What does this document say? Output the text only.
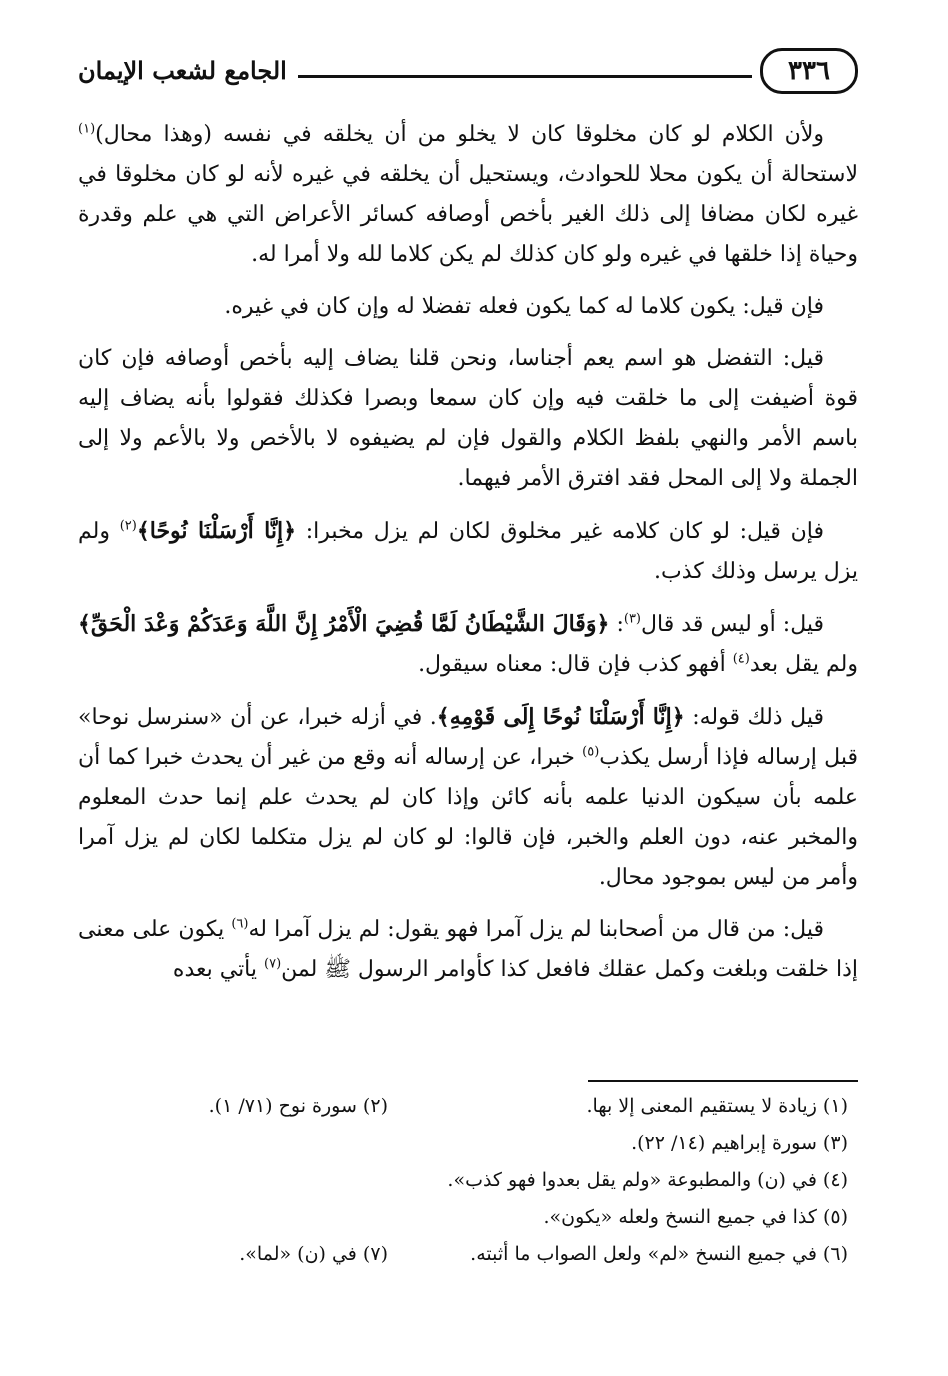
٣٣٦
الجامع لشعب الإيمان

ولأن الكلام لو كان مخلوقا كان لا يخلو من أن يخلقه في نفسه (وهذا محال)$^{(١)}$ لاستحالة أن يكون محلا للحوادث، ويستحيل أن يخلقه في غيره لأنه لو كان مخلوقا في غيره لكان مضافا إلى ذلك الغير بأخص أوصافه كسائر الأعراض التي هي علم وقدرة وحياة إذا خلقها في غيره ولو كان كذلك لم يكن كلاما لله ولا أمرا له.

فإن قيل: يكون كلاما له كما يكون فعله تفضلا له وإن كان في غيره.

قيل: التفضل هو اسم يعم أجناسا، ونحن قلنا يضاف إليه بأخص أوصافه فإن كان قوة أضيفت إلى ما خلقت فيه وإن كان سمعا وبصرا فكذلك فقولوا بأنه يضاف إليه باسم الأمر والنهي بلفظ الكلام والقول فإن لم يضيفوه لا بالأخص ولا بالأعم ولا إلى الجملة ولا إلى المحل فقد افترق الأمر فيهما.

فإن قيل: لو كان كلامه غير مخلوق لكان لم يزل مخبرا: ﴿إِنَّا أَرْسَلْنَا نُوحًا﴾$^{(٢)}$ ولم يزل يرسل وذلك كذب.

قيل: أو ليس قد قال$^{(٣)}$: ﴿وَقَالَ الشَّيْطَانُ لَمَّا قُضِيَ الْأَمْرُ إِنَّ اللَّهَ وَعَدَكُمْ وَعْدَ الْحَقِّ﴾ ولم يقل بعد$^{(٤)}$ أفهو كذب فإن قال: معناه سيقول.

قيل ذلك قوله: ﴿إِنَّا أَرْسَلْنَا نُوحًا إِلَى قَوْمِهِ﴾. في أزله خبرا، عن أن «سنرسل نوحا» قبل إرساله فإذا أرسل يكذب$^{(٥)}$ خبرا، عن إرساله أنه وقع من غير أن يحدث خبرا كما أن علمه بأن سيكون الدنيا علمه بأنه كائن وإذا كان لم يحدث علم إنما حدث المعلوم والمخبر عنه، دون العلم والخبر، فإن قالوا: لو كان لم يزل متكلما لكان لم يزل آمرا وأمر من ليس بموجود محال.

قيل: من قال من أصحابنا لم يزل آمرا فهو يقول: لم يزل آمرا له$^{(٦)}$ يكون على معنى إذا خلقت وبلغت وكمل عقلك فافعل كذا كأوامر الرسول ﷺ لمن$^{(٧)}$ يأتي بعده

(١) زيادة لا يستقيم المعنى إلا بها.
(٢) سورة نوح (٧١/ ١).
(٣) سورة إبراهيم (١٤/ ٢٢).
(٤) في (ن) والمطبوعة «ولم يقل بعدوا فهو كذب».
(٥) كذا في جميع النسخ ولعله «يكون».
(٦) في جميع النسخ «لم» ولعل الصواب ما أثبته.
(٧) في (ن) «لما».
